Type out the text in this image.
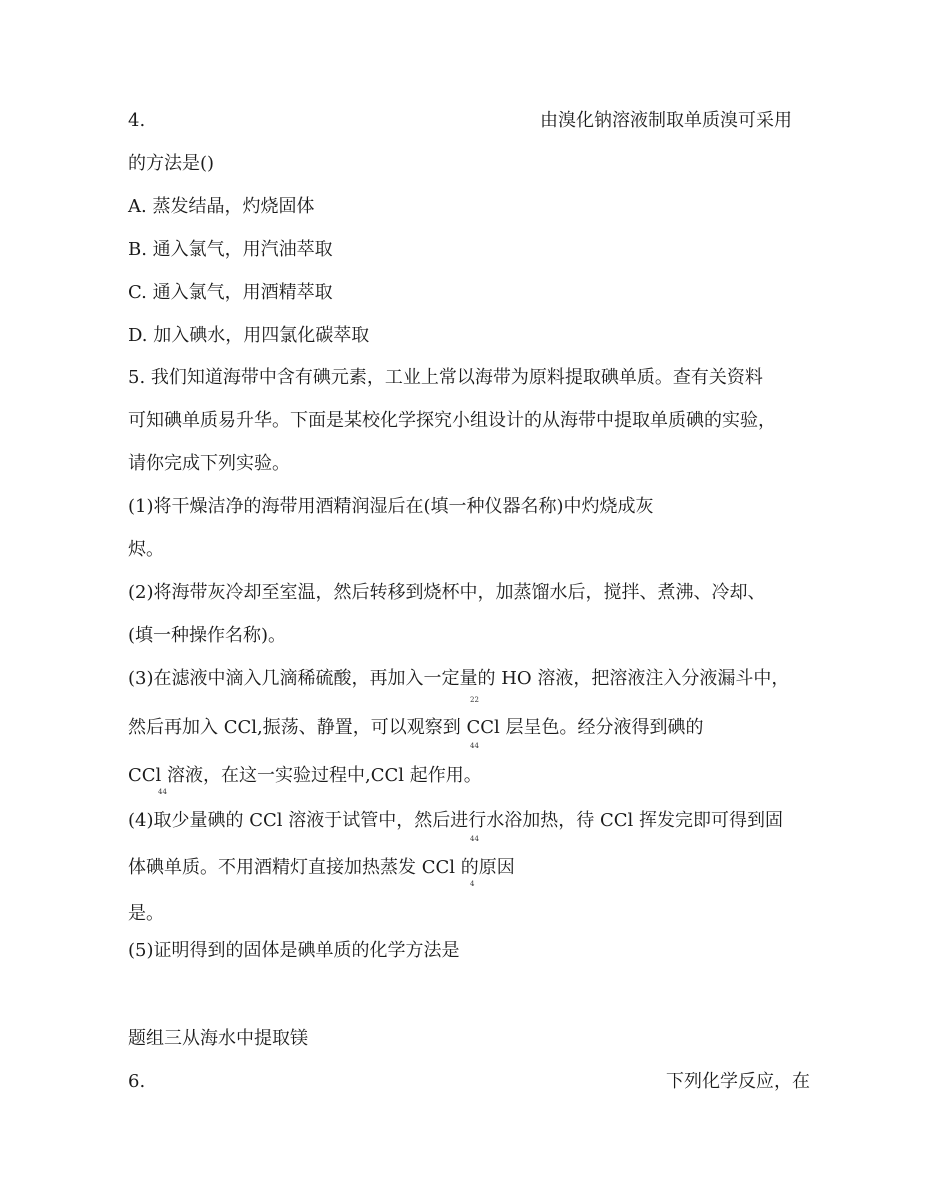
4.	由溴化钠溶液制取单质溴可采用
的方法是()
A. 蒸发结晶，灼烧固体
B. 通入氯气，用汽油萃取
C. 通入氯气，用酒精萃取
D. 加入碘水，用四氯化碳萃取
5. 我们知道海带中含有碘元素，工业上常以海带为原料提取碘单质。查有关资料
可知碘单质易升华。下面是某校化学探究小组设计的从海带中提取单质碘的实验，
请你完成下列实验。
(1)将干燥洁净的海带用酒精润湿后在(填一种仪器名称)中灼烧成灰
烬。
(2)将海带灰冷却至室温，然后转移到烧杯中，加蒸馏水后，搅拌、煮沸、冷却、
(填一种操作名称)。
(3)在滤液中滴入几滴稀硫酸，再加入一定量的 HO 溶液，把溶液注入分液漏斗中，
22
然后再加入 CCl,振荡、静置，可以观察到 CCl 层呈色。经分液得到碘的
44
CCl 溶液，在这一实验过程中,CCl 起作用。
44
(4)取少量碘的 CCl 溶液于试管中，然后进行水浴加热，待 CCl 挥发完即可得到固
44
体碘单质。不用酒精灯直接加热蒸发 CCl 的原因
4
是。
(5)证明得到的固体是碘单质的化学方法是
题组三从海水中提取镁
6.	下列化学反应，在
